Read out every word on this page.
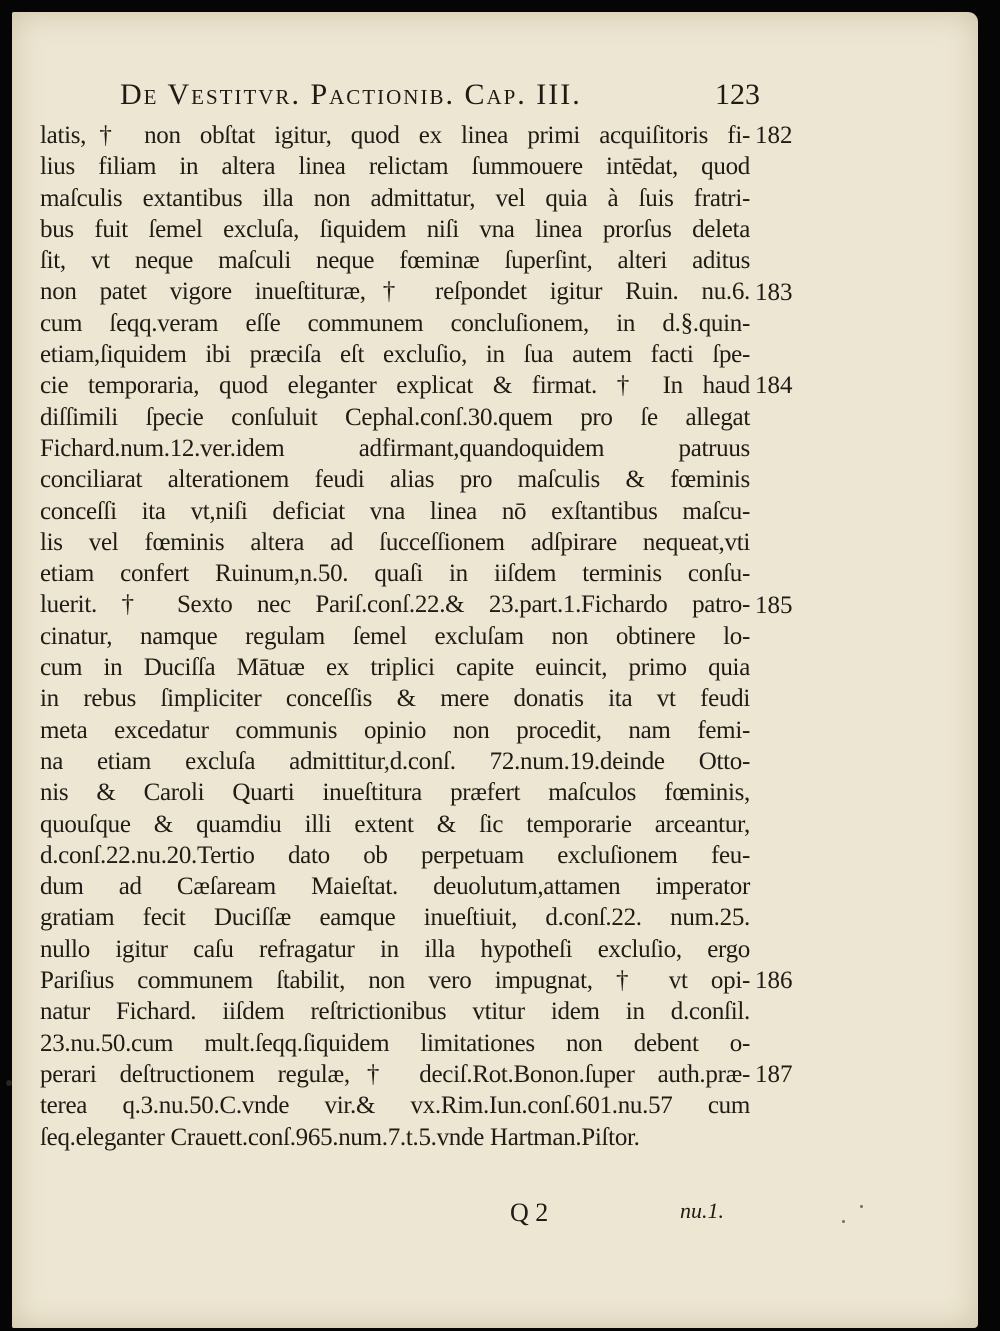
De Vestitvr. Pactionib. Cap. III.	123
latis,† non obſtat igitur, quod ex linea primi acquiſitoris fi-
lius filiam in altera linea relictam ſummouere intēdat, quod
maſculis extantibus illa non admittatur, vel quia à ſuis fratri-
bus fuit ſemel excluſa, ſiquidem niſi vna linea prorſus deleta
ſit, vt neque maſculi neque fœminæ ſuperſint, alteri aditus
non patet vigore inueſtituræ,† reſpondet igitur Ruin. nu.6.
cum ſeqq.veram eſſe communem concluſionem, in d.§.quin-
etiam,ſiquidem ibi præciſa eſt excluſio, in ſua autem facti ſpe-
cie temporaria, quod eleganter explicat & firmat. † In haud
diſſimili ſpecie conſuluit Cephal.conſ.30.quem pro ſe allegat
Fichard.num.12.ver.idem adfirmant,quandoquidem patruus
conciliarat alterationem feudi alias pro maſculis & fœminis
conceſſi ita vt,niſi deficiat vna linea nō exſtantibus maſcu-
lis vel fœminis altera ad ſucceſſionem adſpirare nequeat,vti
etiam confert Ruinum,n.50. quaſi in iiſdem terminis conſu-
luerit. † Sexto nec Pariſ.conſ.22.& 23.part.1.Fichardo patro-
cinatur, namque regulam ſemel excluſam non obtinere lo-
cum in Duciſſa Mātuæ ex triplici capite euincit, primo quia
in rebus ſimpliciter conceſſis & mere donatis ita vt feudi
meta excedatur communis opinio non procedit, nam femi-
na etiam excluſa admittitur,d.conſ. 72.num.19.deinde Otto-
nis & Caroli Quarti inueſtitura præfert maſculos fœminis,
quouſque & quamdiu illi extent & ſic temporarie arceantur,
d.conſ.22.nu.20.Tertio dato ob perpetuam excluſionem feu-
dum ad Cæſaream Maieſtat. deuolutum,attamen imperator
gratiam fecit Duciſſæ eamque inueſtiuit, d.conſ.22. num.25.
nullo igitur caſu refragatur in illa hypotheſi excluſio, ergo
Pariſius communem ſtabilit, non vero impugnat, † vt opi-
natur Fichard. iiſdem reſtrictionibus vtitur idem in d.conſil.
23.nu.50.cum mult.ſeqq.ſiquidem limitationes non debent o-
perari deſtructionem regulæ,† deciſ.Rot.Bonon.ſuper auth.præ-
terea q.3.nu.50.C.vnde vir.& vx.Rim.Iun.conſ.601.nu.57 cum
ſeq.eleganter Crauett.conſ.965.num.7.t.5.vnde Hartman.Piſtor.
182
183
184
185
186
187
Q 2	nu.1.
